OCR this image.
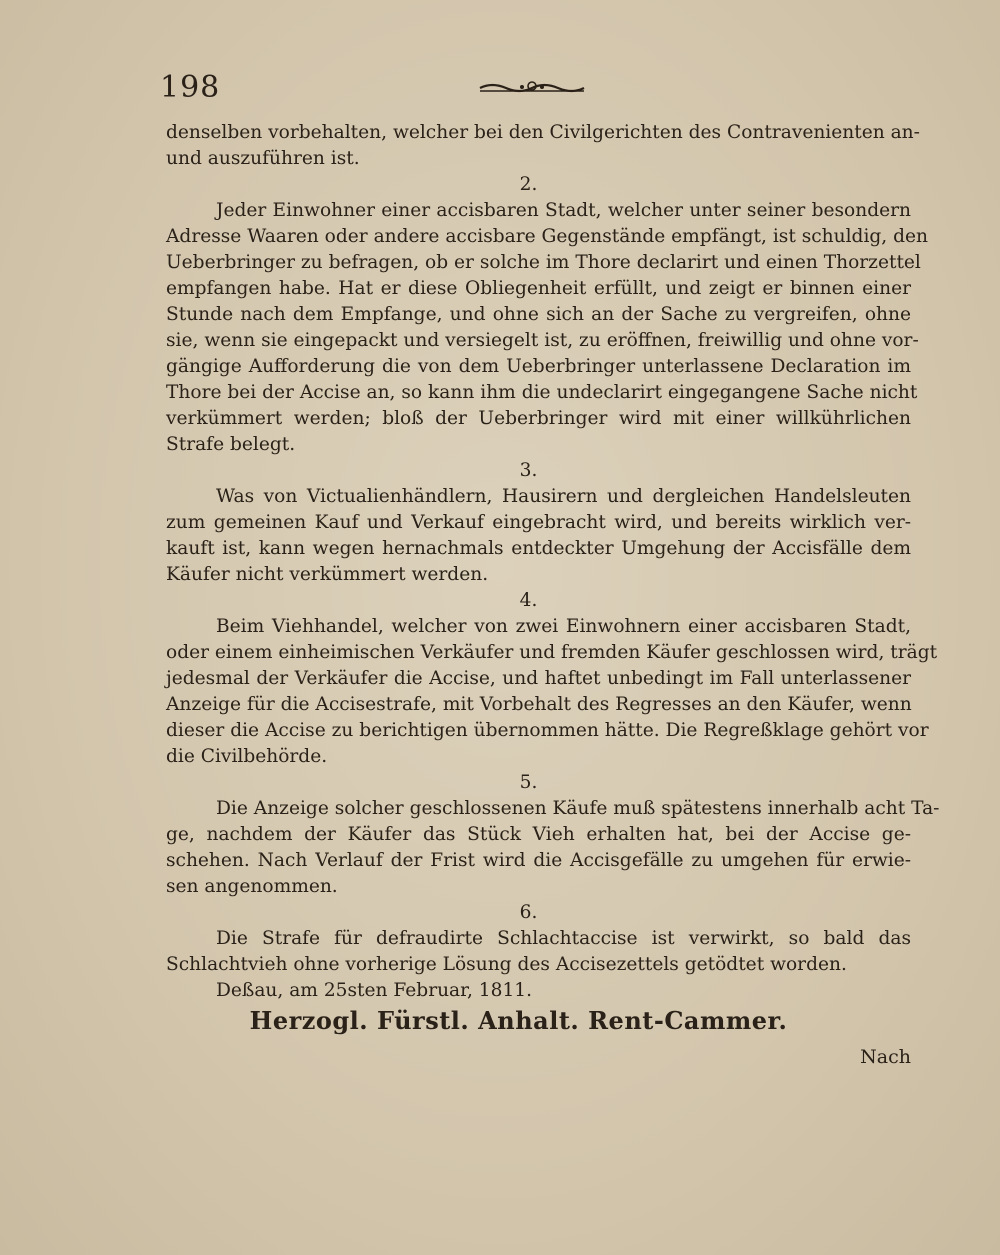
198
denselben vorbehalten, welcher bei den Civilgerichten des Contravenienten an-
und auszuführen ist.
2.
Jeder Einwohner einer accisbaren Stadt, welcher unter seiner besondern
Adresse Waaren oder andere accisbare Gegenstände empfängt, ist schuldig, den
Ueberbringer zu befragen, ob er solche im Thore declarirt und einen Thorzettel
empfangen habe. Hat er diese Obliegenheit erfüllt, und zeigt er binnen einer
Stunde nach dem Empfange, und ohne sich an der Sache zu vergreifen, ohne
sie, wenn sie eingepackt und versiegelt ist, zu eröffnen, freiwillig und ohne vor-
gängige Aufforderung die von dem Ueberbringer unterlassene Declaration im
Thore bei der Accise an, so kann ihm die undeclarirt eingegangene Sache nicht
verkümmert werden; bloß der Ueberbringer wird mit einer willkührlichen
Strafe belegt.
3.
Was von Victualienhändlern, Hausirern und dergleichen Handelsleuten
zum gemeinen Kauf und Verkauf eingebracht wird, und bereits wirklich ver-
kauft ist, kann wegen hernachmals entdeckter Umgehung der Accisfälle dem
Käufer nicht verkümmert werden.
4.
Beim Viehhandel, welcher von zwei Einwohnern einer accisbaren Stadt,
oder einem einheimischen Verkäufer und fremden Käufer geschlossen wird, trägt
jedesmal der Verkäufer die Accise, und haftet unbedingt im Fall unterlassener
Anzeige für die Accisestrafe, mit Vorbehalt des Regresses an den Käufer, wenn
dieser die Accise zu berichtigen übernommen hätte. Die Regreßklage gehört vor
die Civilbehörde.
5.
Die Anzeige solcher geschlossenen Käufe muß spätestens innerhalb acht Ta-
ge, nachdem der Käufer das Stück Vieh erhalten hat, bei der Accise ge-
schehen. Nach Verlauf der Frist wird die Accisgefälle zu umgehen für erwie-
sen angenommen.
6.
Die Strafe für defraudirte Schlachtaccise ist verwirkt, so bald das
Schlachtvieh ohne vorherige Lösung des Accisezettels getödtet worden.
Deßau, am 25sten Februar, 1811.
Herzogl. Fürstl. Anhalt. Rent-Cammer.
Nach
